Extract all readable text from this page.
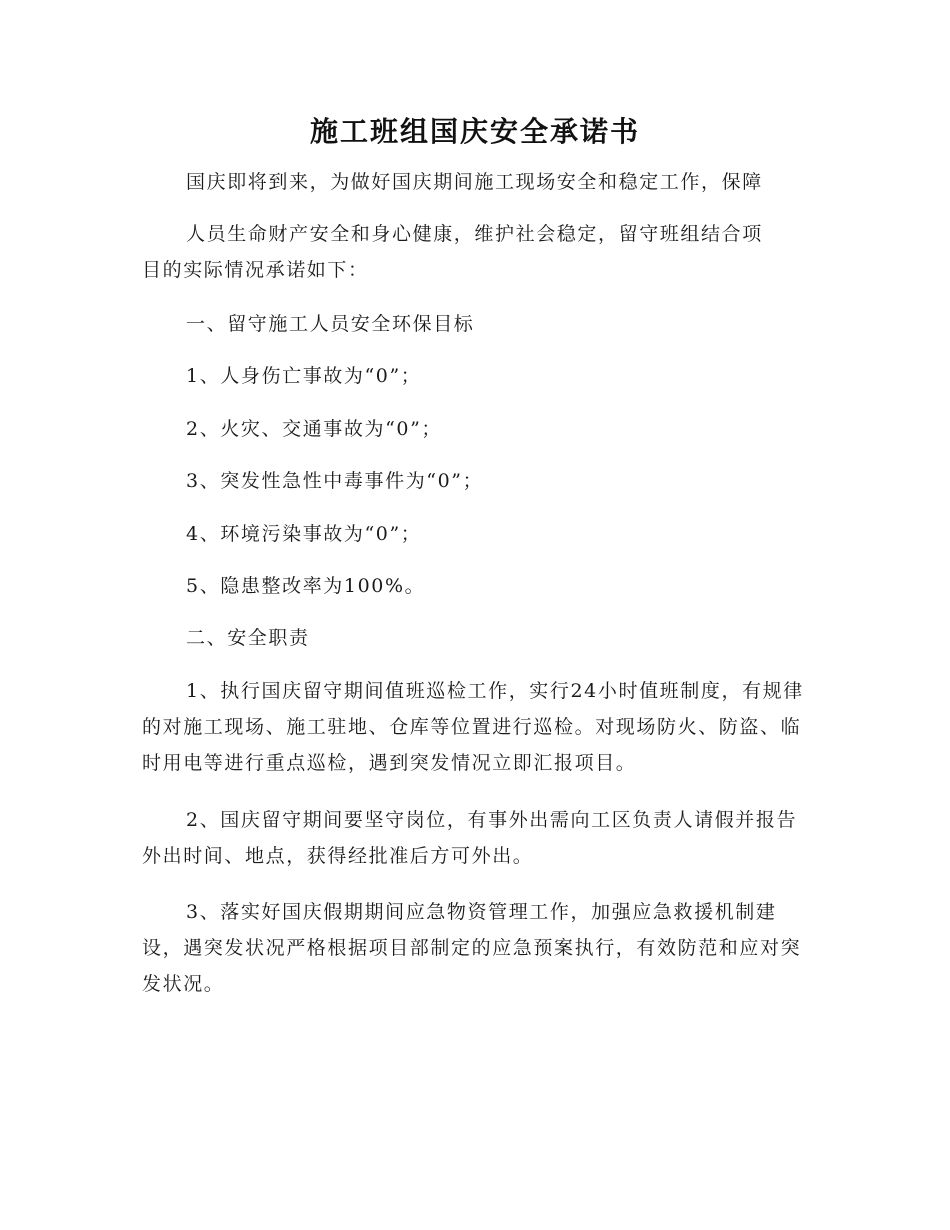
施工班组国庆安全承诺书
国庆即将到来，为做好国庆期间施工现场安全和稳定工作，保障
人员生命财产安全和身心健康，维护社会稳定，留守班组结合项
目的实际情况承诺如下：
一、留守施工人员安全环保目标
1、人身伤亡事故为“0”；
2、火灾、交通事故为“0”；
3、突发性急性中毒事件为“0”；
4、环境污染事故为“0”；
5、隐患整改率为100%。
二、安全职责
1、执行国庆留守期间值班巡检工作，实行24小时值班制度，有规律的对施工现场、施工驻地、仓库等位置进行巡检。对现场防火、防盗、临时用电等进行重点巡检，遇到突发情况立即汇报项目。
2、国庆留守期间要坚守岗位，有事外出需向工区负责人请假并报告外出时间、地点，获得经批准后方可外出。
3、落实好国庆假期期间应急物资管理工作，加强应急救援机制建设，遇突发状况严格根据项目部制定的应急预案执行，有效防范和应对突发状况。
